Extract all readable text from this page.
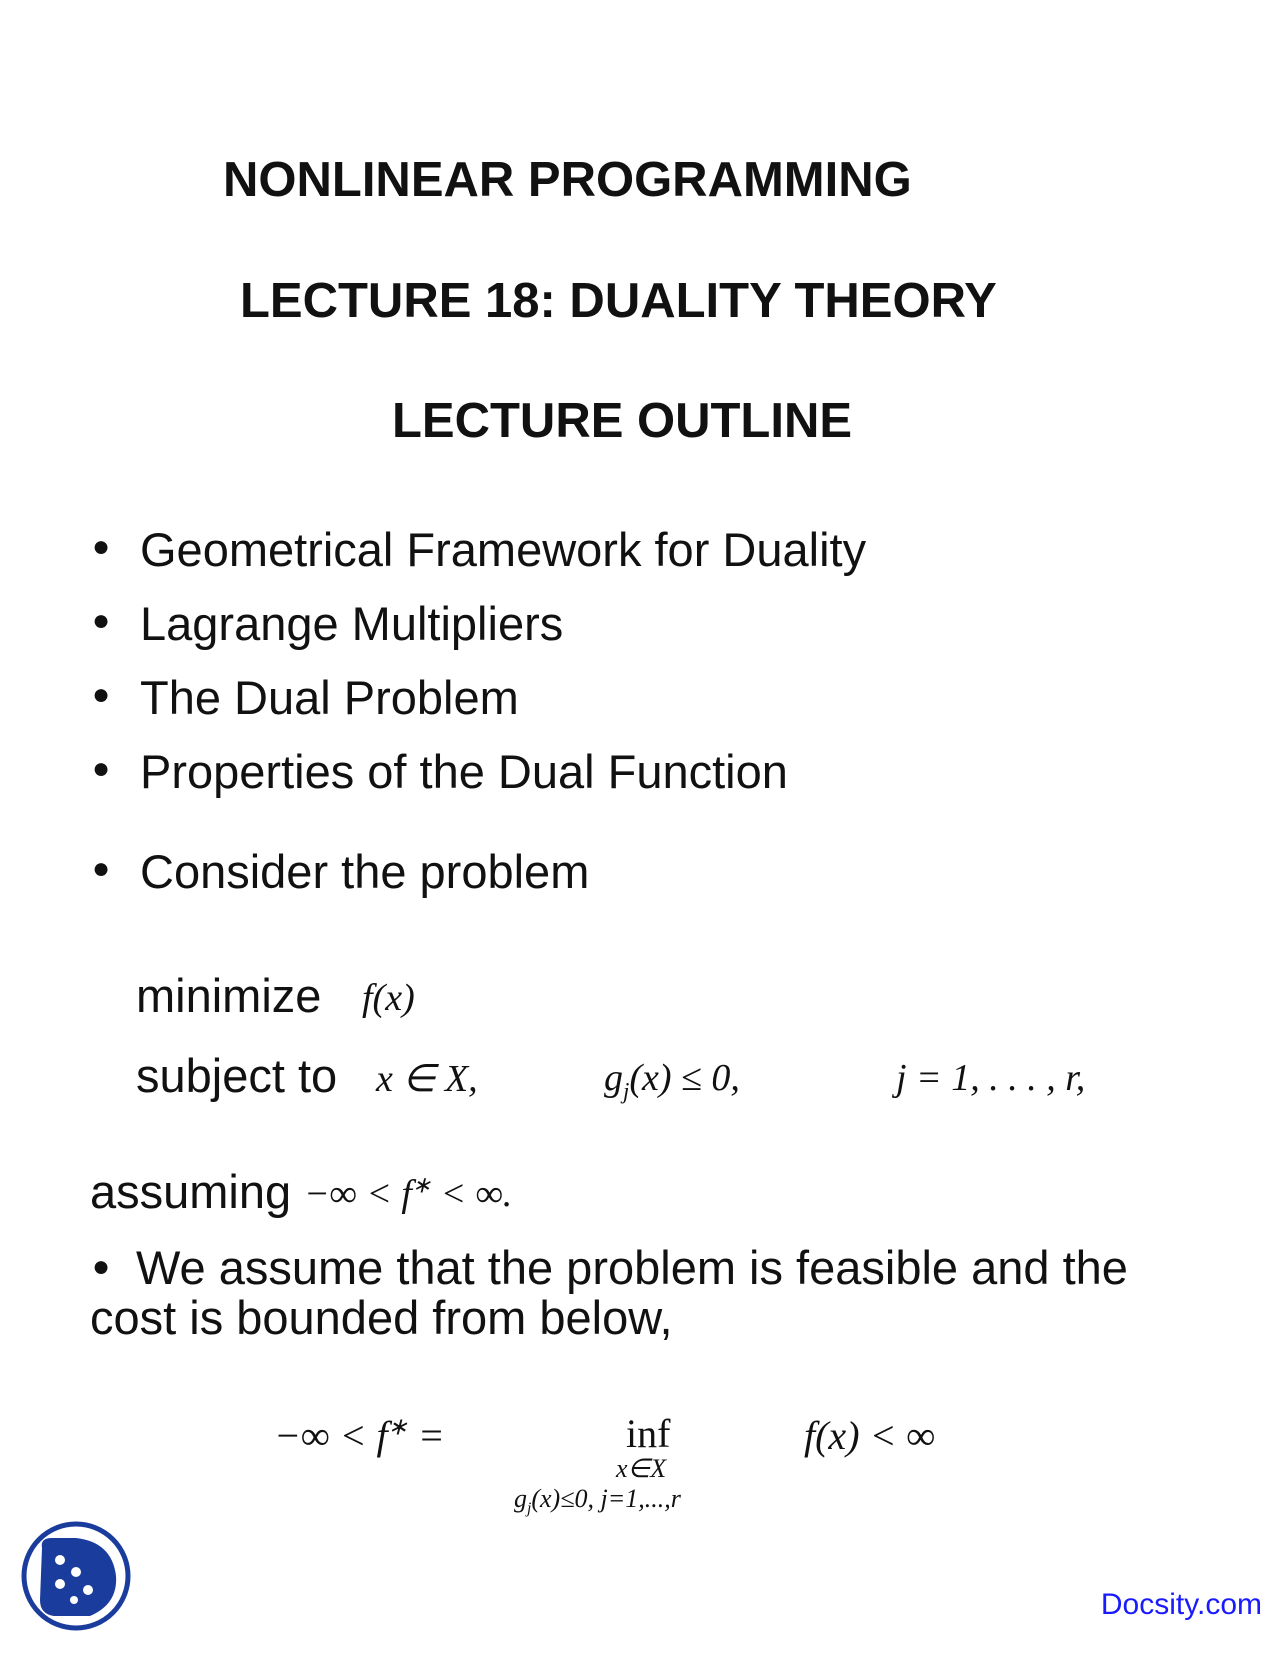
NONLINEAR PROGRAMMING
LECTURE 18: DUALITY THEORY
LECTURE OUTLINE
● Geometrical Framework for Duality
● Lagrange Multipliers
● The Dual Problem
● Properties of the Dual Function
● Consider the problem
minimize f(x)
subject to x ∈ X,	$g_j(x) \le 0$,	j = 1, . . . , r,
assuming −∞ < f∗ < ∞.
● We assume that the problem is feasible and the
cost is bounded from below,
−∞ < f∗ =	inf
x∈X
$g_j(x)\le 0$, j=1,...,r
f(x) < ∞
Docsity.com
